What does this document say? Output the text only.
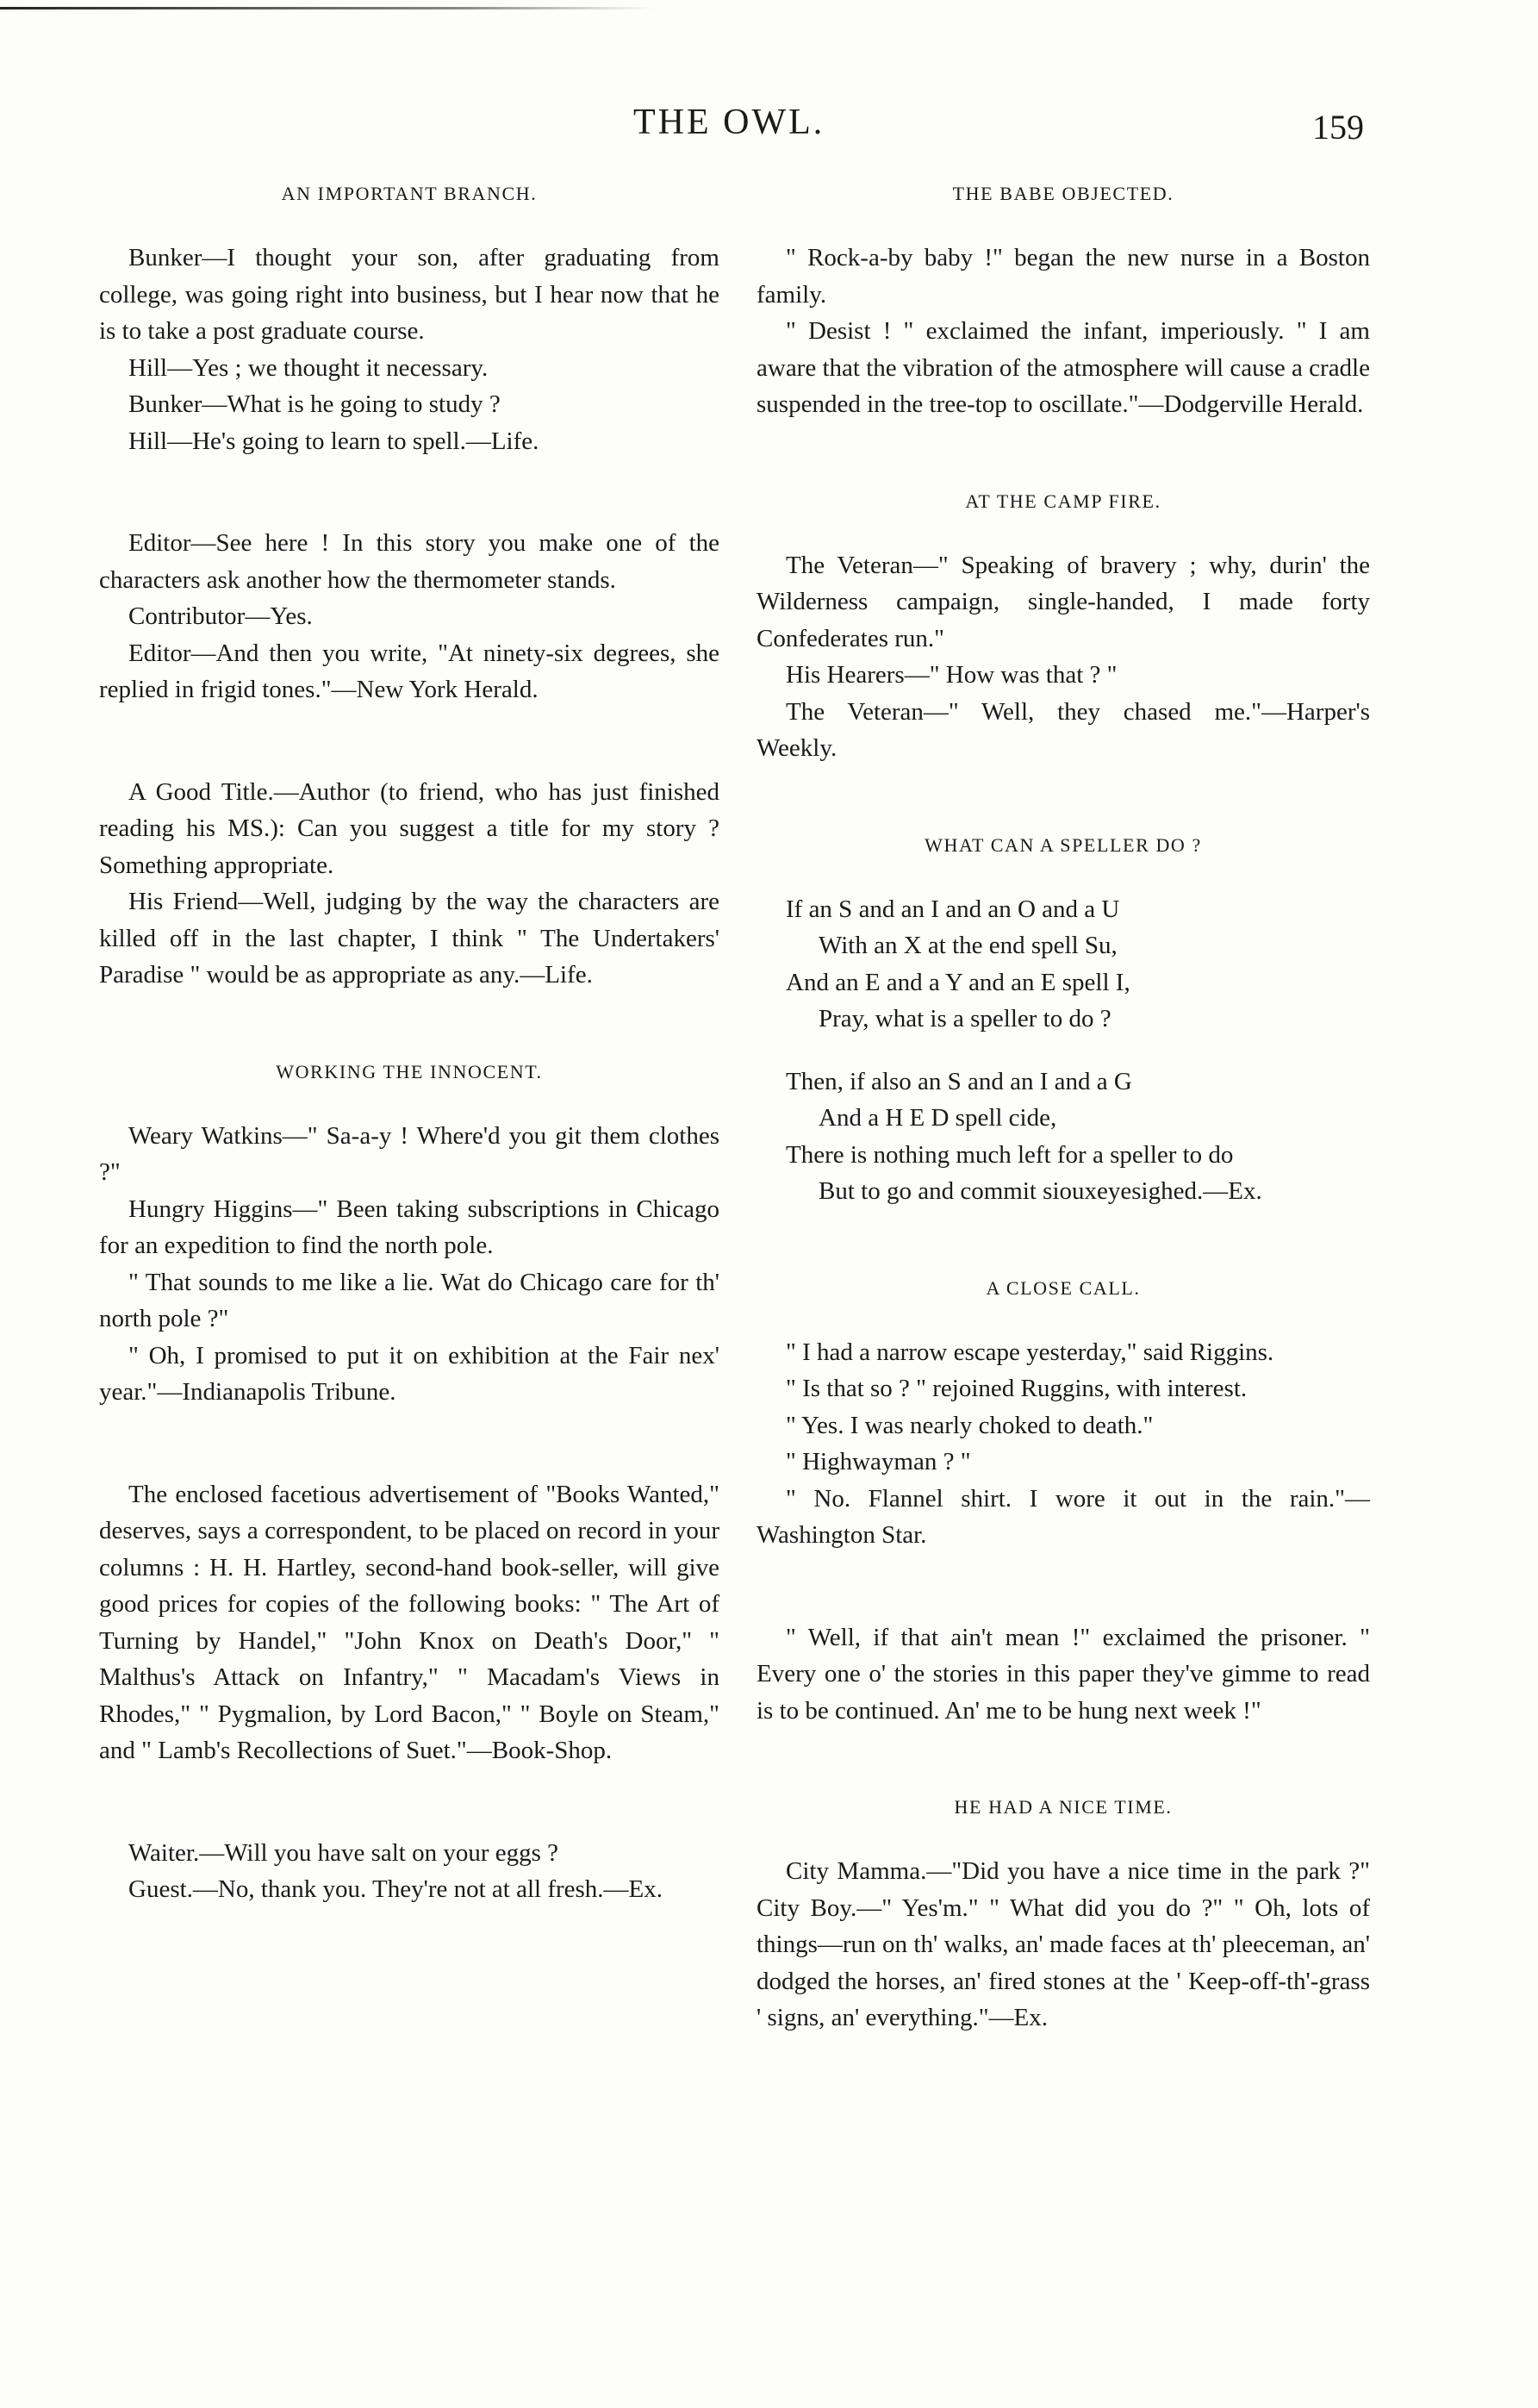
THE OWL.	159
AN IMPORTANT BRANCH.

Bunker—I thought your son, after graduating from college, was going right into business, but I hear now that he is to take a post graduate course.

Hill—Yes ; we thought it necessary.

Bunker—What is he going to study ?

Hill—He's going to learn to spell.—Life.

Editor—See here ! In this story you make one of the characters ask another how the thermometer stands.

Contributor—Yes.

Editor—And then you write, "At ninety-six degrees, she replied in frigid tones."—New York Herald.

A Good Title.—Author (to friend, who has just finished reading his MS.): Can you suggest a title for my story ? Something appropriate.

His Friend—Well, judging by the way the characters are killed off in the last chapter, I think " The Undertakers' Paradise " would be as appropriate as any.—Life.

WORKING THE INNOCENT.

Weary Watkins—" Sa-a-y ! Where'd you git them clothes ?"

Hungry Higgins—" Been taking subscriptions in Chicago for an expedition to find the north pole.

" That sounds to me like a lie. Wat do Chicago care for th' north pole ?"

" Oh, I promised to put it on exhibition at the Fair nex' year."—Indianapolis Tribune.

The enclosed facetious advertisement of "Books Wanted," deserves, says a correspondent, to be placed on record in your columns : H. H. Hartley, second-hand book-seller, will give good prices for copies of the following books: " The Art of Turning by Handel," "John Knox on Death's Door," " Malthus's Attack on Infantry," " Macadam's Views in Rhodes," " Pygmalion, by Lord Bacon," " Boyle on Steam," and " Lamb's Recollections of Suet."—Book-Shop.

Waiter.—Will you have salt on your eggs ?

Guest.—No, thank you. They're not at all fresh.—Ex.

THE BABE OBJECTED.

" Rock-a-by baby !" began the new nurse in a Boston family.

" Desist ! " exclaimed the infant, imperiously. " I am aware that the vibration of the atmosphere will cause a cradle suspended in the tree-top to oscillate."—Dodgerville Herald.

AT THE CAMP FIRE.

The Veteran—" Speaking of bravery ; why, durin' the Wilderness campaign, single-handed, I made forty Confederates run."

His Hearers—" How was that ? "

The Veteran—" Well, they chased me."—Harper's Weekly.

WHAT CAN A SPELLER DO ?
If an S and an I and an O and a U
With an X at the end spell Su,
And an E and a Y and an E spell I,
Pray, what is a speller to do ?
Then, if also an S and an I and a G
And a H E D spell cide,
There is nothing much left for a speller to do
But to go and commit siouxeyesighed.—Ex.
A CLOSE CALL.

" I had a narrow escape yesterday," said Riggins.

" Is that so ? " rejoined Ruggins, with interest.

" Yes. I was nearly choked to death."

" Highwayman ? "

" No. Flannel shirt. I wore it out in the rain."—Washington Star.

" Well, if that ain't mean !" exclaimed the prisoner. " Every one o' the stories in this paper they've gimme to read is to be continued. An' me to be hung next week !"

HE HAD A NICE TIME.

City Mamma.—"Did you have a nice time in the park ?" City Boy.—" Yes'm." " What did you do ?" " Oh, lots of things—run on th' walks, an' made faces at th' pleeceman, an' dodged the horses, an' fired stones at the ' Keep-off-th'-grass ' signs, an' everything."—Ex.
